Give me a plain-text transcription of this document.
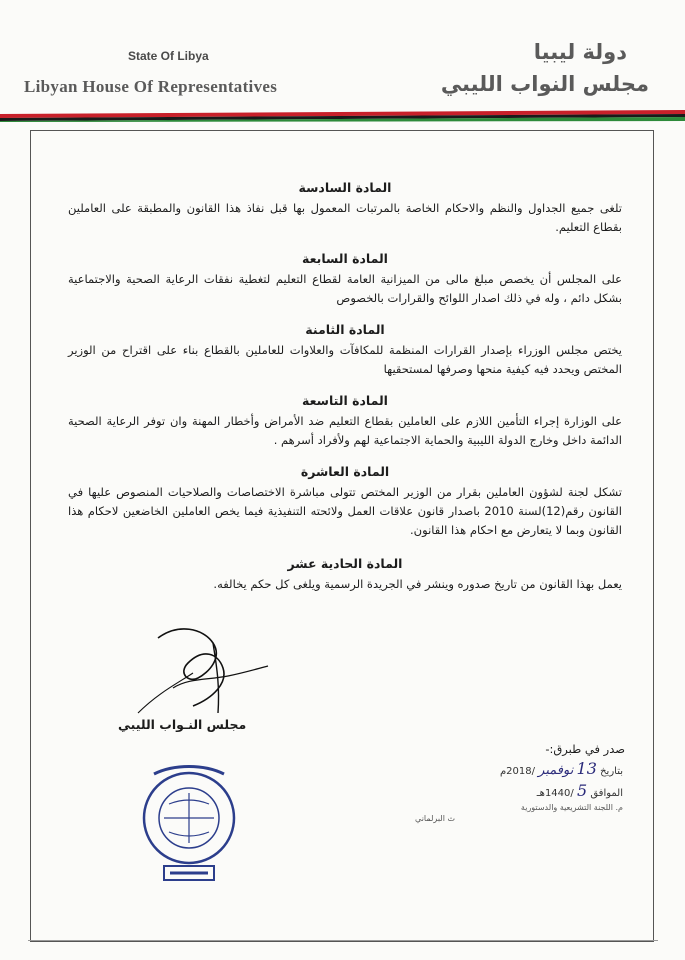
State Of Libya
Libyan House Of Representatives
دولة ليبيا
مجلس النواب الليبي
المادة السادسة
تلغى جميع الجداول والنظم والاحكام الخاصة بالمرتبات المعمول بها قبل نفاذ هذا القانون والمطبقة على العاملين بقطاع التعليم.
المادة السابعة
على المجلس أن يخصص مبلغ مالى من الميزانية العامة لقطاع التعليم لتغطية نفقات الرعاية الصحية والاجتماعية بشكل دائم ، وله في ذلك اصدار اللوائح والقرارات بالخصوص
المادة الثامنة
يختص مجلس الوزراء بإصدار القرارات المنظمة للمكافآت والعلاوات للعاملين بالقطاع بناء على اقتراح من الوزير المختص ويحدد فيه كيفية منحها وصرفها لمستحقيها
المادة التاسعة
على الوزارة إجراء التأمين اللازم على العاملين بقطاع التعليم ضد الأمراض وأخطار المهنة وان توفر الرعاية الصحية الدائمة داخل وخارج الدولة الليبية والحماية الاجتماعية لهم ولأفراد أسرهم .
المادة العاشرة
تشكل لجنة لشؤون العاملين بقرار من الوزير المختص تتولى مباشرة الاختصاصات والصلاحيات المنصوص عليها في القانون رقم(12)لسنة 2010 باصدار قانون علاقات العمل ولائحته التنفيذية فيما يخص العاملين الخاضعين لاحكام هذا القانون وبما لا يتعارض مع احكام هذا القانون.
المادة الحادية عشر
يعمل بهذا القانون من تاريخ صدوره وينشر في الجريدة الرسمية ويلغى كل حكم يخالفه.
مجلس النـواب الليبي
صدر في طبرق:-
بتاريخ 13 نوفمبر /2018م
الموافق 5 /1440هـ
م. اللجنة التشريعية والدستورية
ث البرلماني
